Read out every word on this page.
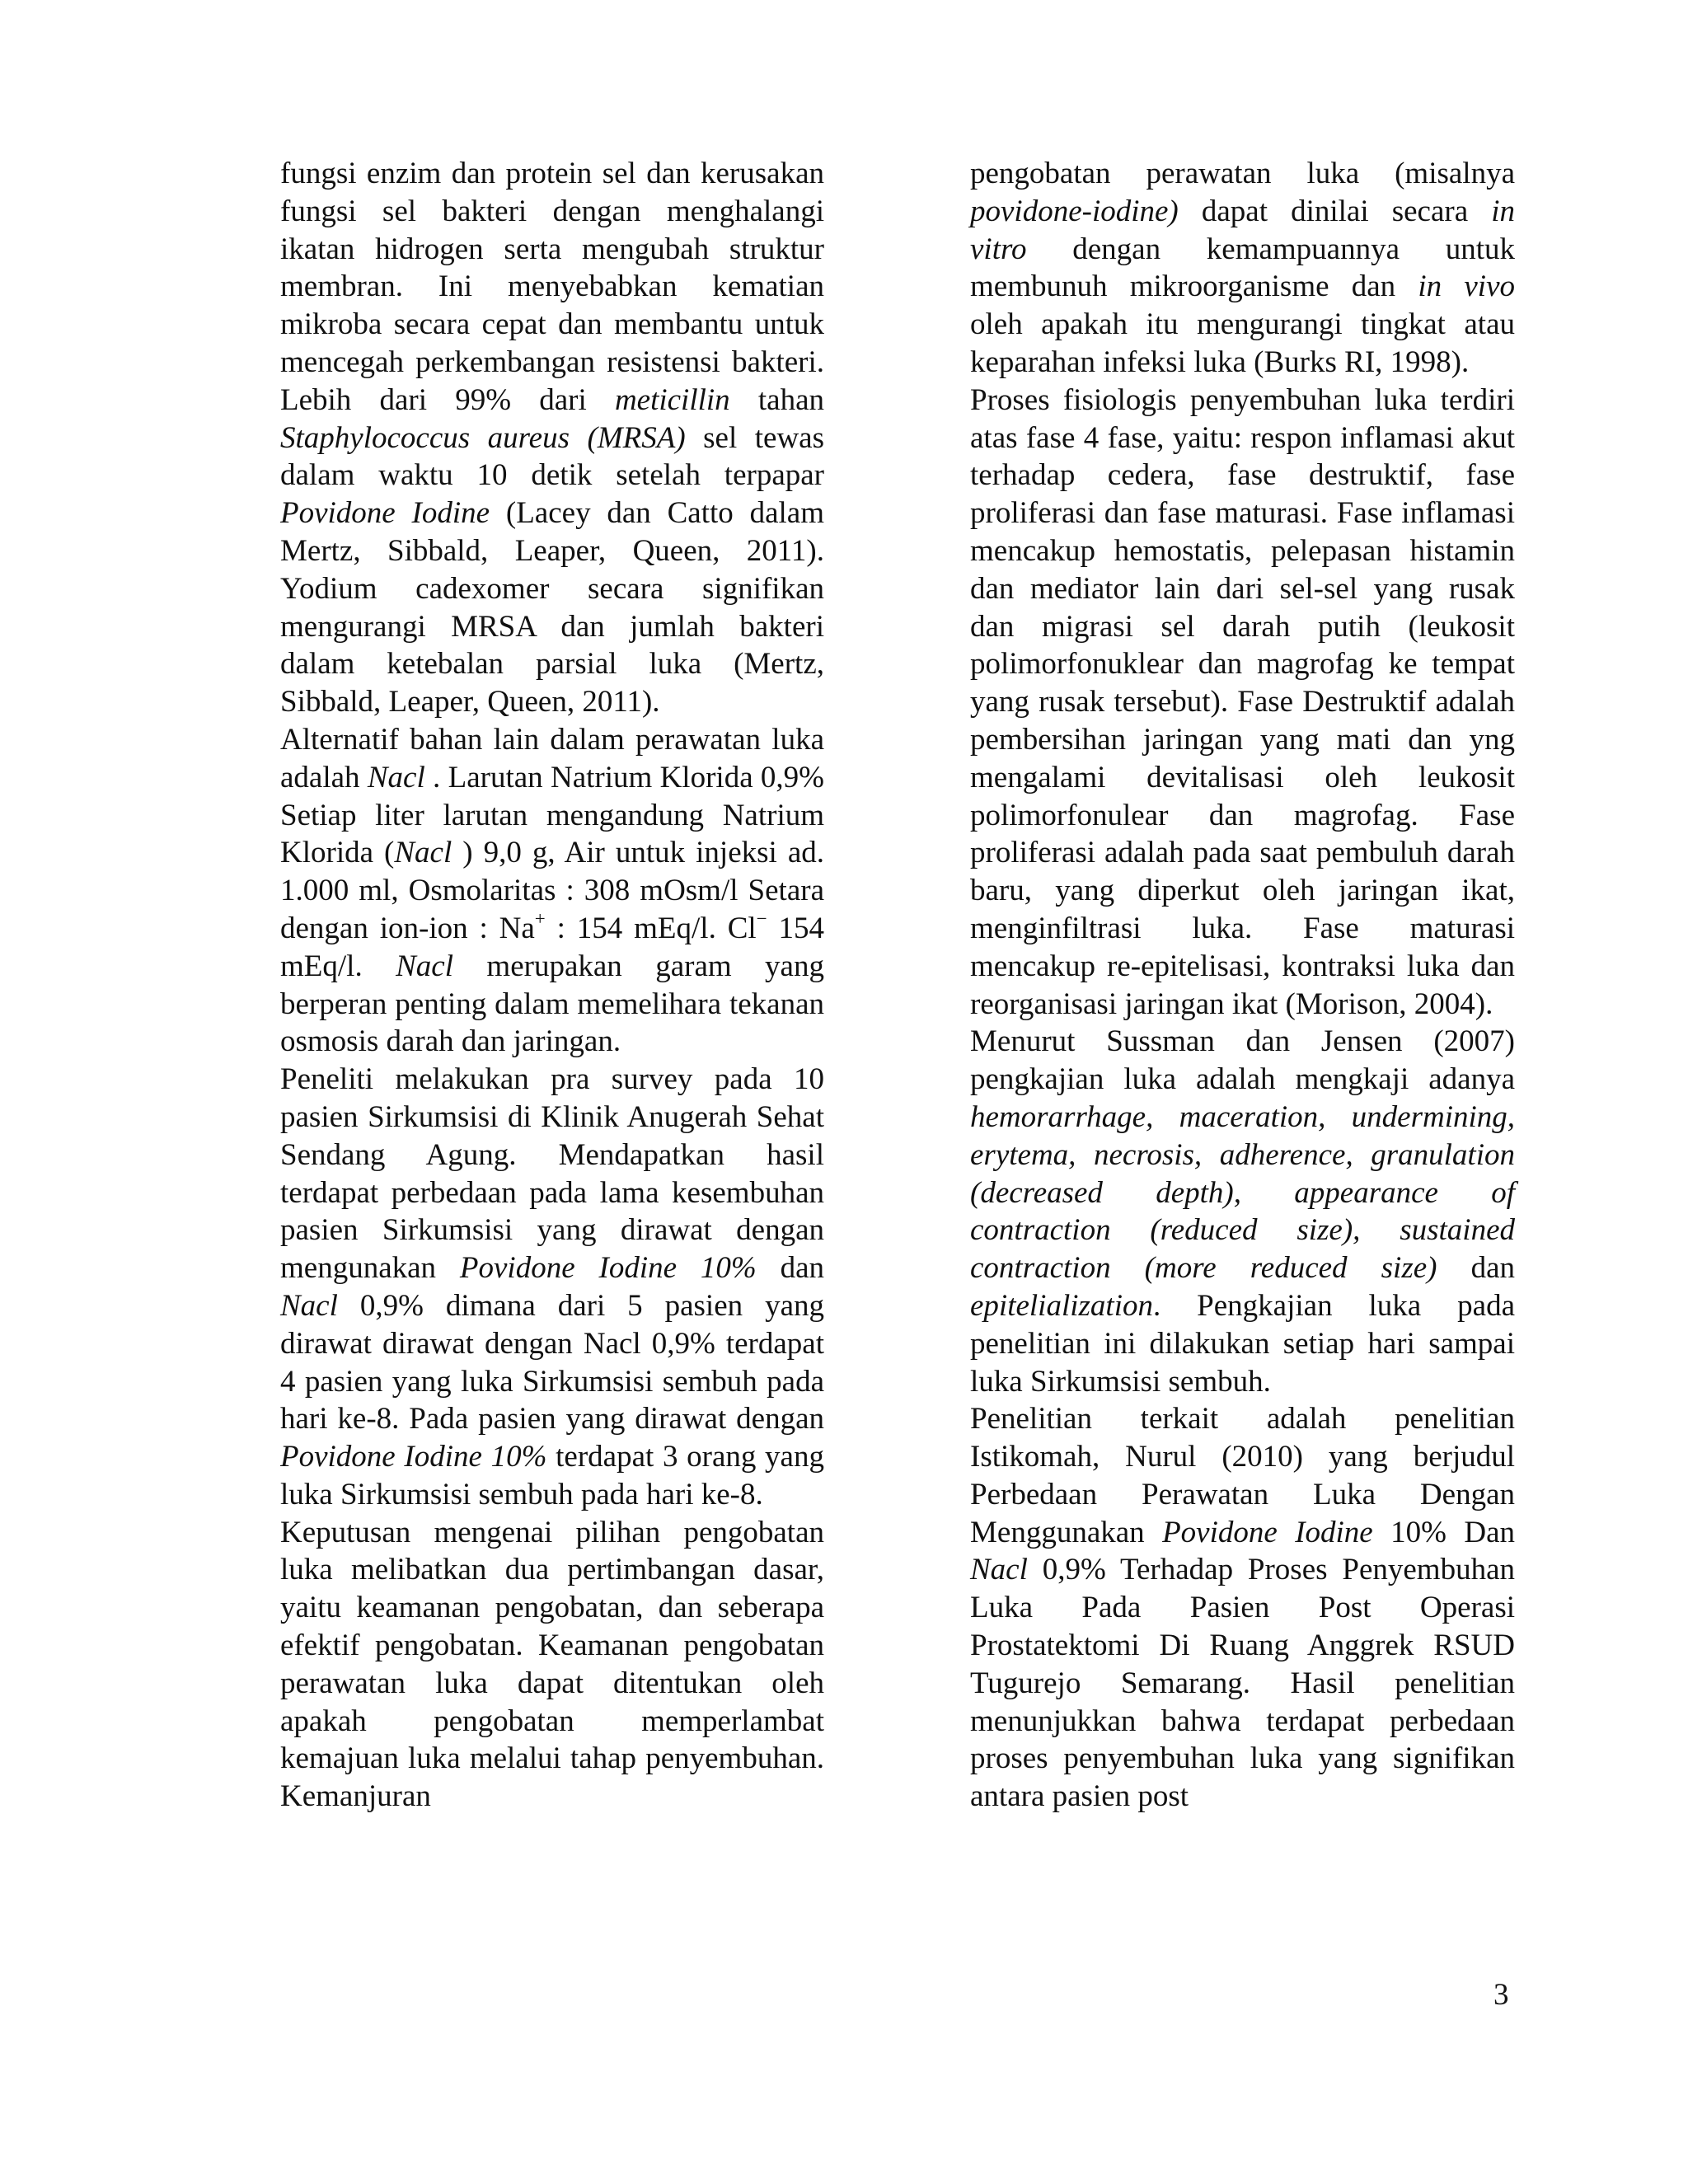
fungsi enzim dan protein sel dan kerusakan fungsi sel bakteri dengan menghalangi ikatan hidrogen serta mengubah struktur membran. Ini menyebabkan kematian mikroba secara cepat dan membantu untuk mencegah perkembangan resistensi bakteri. Lebih dari 99% dari meticillin tahan Staphylococcus aureus (MRSA) sel tewas dalam waktu 10 detik setelah terpapar Povidone Iodine (Lacey dan Catto dalam Mertz, Sibbald, Leaper, Queen, 2011). Yodium cadexomer secara signifikan mengurangi MRSA dan jumlah bakteri dalam ketebalan parsial luka (Mertz, Sibbald, Leaper, Queen, 2011).

Alternatif bahan lain dalam perawatan luka adalah Nacl . Larutan Natrium Klorida 0,9% Setiap liter larutan mengandung Natrium Klorida (Nacl ) 9,0 g, Air untuk injeksi ad. 1.000 ml, Osmolaritas : 308 mOsm/l Setara dengan ion-ion : Na+ : 154 mEq/l. Cl− 154 mEq/l. Nacl merupakan garam yang berperan penting dalam memelihara tekanan osmosis darah dan jaringan.

Peneliti melakukan pra survey pada 10 pasien Sirkumsisi di Klinik Anugerah Sehat Sendang Agung. Mendapatkan hasil terdapat perbedaan pada lama kesembuhan pasien Sirkumsisi yang dirawat dengan mengunakan Povidone Iodine 10% dan Nacl 0,9% dimana dari 5 pasien yang dirawat dirawat dengan Nacl 0,9% terdapat 4 pasien yang luka Sirkumsisi sembuh pada hari ke-8. Pada pasien yang dirawat dengan Povidone Iodine 10% terdapat 3 orang yang luka Sirkumsisi sembuh pada hari ke-8.

Keputusan mengenai pilihan pengobatan luka melibatkan dua pertimbangan dasar, yaitu keamanan pengobatan, dan seberapa efektif pengobatan. Keamanan pengobatan perawatan luka dapat ditentukan oleh apakah pengobatan memperlambat kemajuan luka melalui tahap penyembuhan. Kemanjuran

pengobatan perawatan luka (misalnya povidone-iodine) dapat dinilai secara in vitro dengan kemampuannya untuk membunuh mikroorganisme dan in vivo oleh apakah itu mengurangi tingkat atau keparahan infeksi luka (Burks RI, 1998).

Proses fisiologis penyembuhan luka terdiri atas fase 4 fase, yaitu: respon inflamasi akut terhadap cedera, fase destruktif, fase proliferasi dan fase maturasi. Fase inflamasi mencakup hemostatis, pelepasan histamin dan mediator lain dari sel-sel yang rusak dan migrasi sel darah putih (leukosit polimorfonuklear dan magrofag ke tempat yang rusak tersebut). Fase Destruktif adalah pembersihan jaringan yang mati dan yng mengalami devitalisasi oleh leukosit polimorfonulear dan magrofag. Fase proliferasi adalah pada saat pembuluh darah baru, yang diperkut oleh jaringan ikat, menginfiltrasi luka. Fase maturasi mencakup re-epitelisasi, kontraksi luka dan reorganisasi jaringan ikat (Morison, 2004).

Menurut Sussman dan Jensen (2007) pengkajian luka adalah mengkaji adanya hemorarrhage, maceration, undermining, erytema, necrosis, adherence, granulation (decreased depth), appearance of contraction (reduced size), sustained contraction (more reduced size) dan epitelialization. Pengkajian luka pada penelitian ini dilakukan setiap hari sampai luka Sirkumsisi sembuh.

Penelitian terkait adalah penelitian Istikomah, Nurul (2010) yang berjudul Perbedaan Perawatan Luka Dengan Menggunakan Povidone Iodine 10% Dan Nacl 0,9% Terhadap Proses Penyembuhan Luka Pada Pasien Post Operasi Prostatektomi Di Ruang Anggrek RSUD Tugurejo Semarang. Hasil penelitian menunjukkan bahwa terdapat perbedaan proses penyembuhan luka yang signifikan antara pasien post

3
